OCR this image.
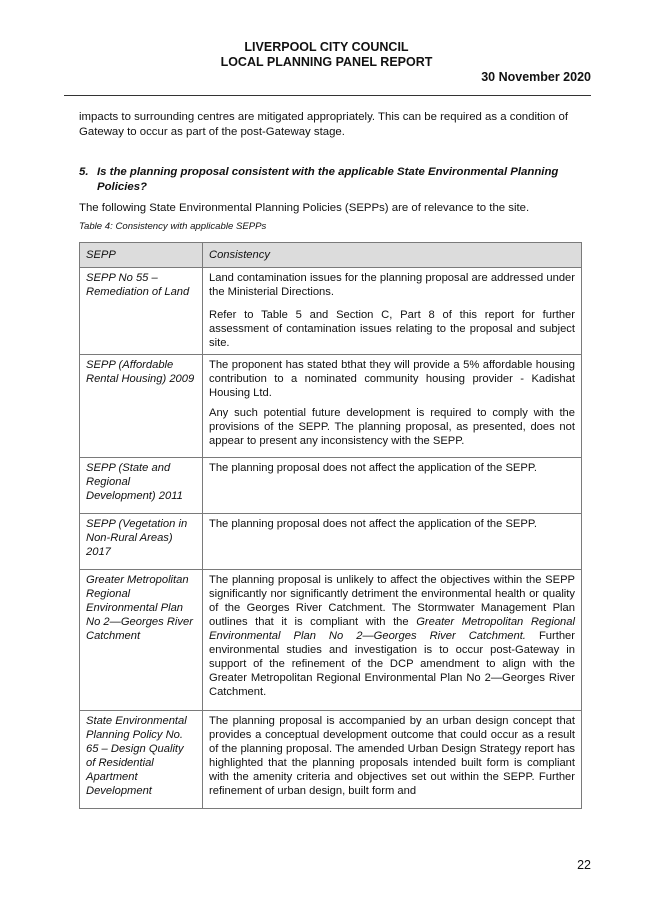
LIVERPOOL CITY COUNCIL
LOCAL PLANNING PANEL REPORT
30 November 2020

impacts to surrounding centres are mitigated appropriately. This can be required as a condition of Gateway to occur as part of the post-Gateway stage.

5. Is the planning proposal consistent with the applicable State Environmental Planning Policies?

The following State Environmental Planning Policies (SEPPs) are of relevance to the site.

Table 4: Consistency with applicable SEPPs

SEPP	Consistency
SEPP No 55 – Remediation of Land	Land contamination issues for the planning proposal are addressed under the Ministerial Directions.

Refer to Table 5 and Section C, Part 8 of this report for further assessment of contamination issues relating to the proposal and subject site.

SEPP (Affordable Rental Housing) 2009	The proponent has stated bthat they will provide a 5% affordable housing contribution to a nominated community housing provider - Kadishat Housing Ltd.

Any such potential future development is required to comply with the provisions of the SEPP. The planning proposal, as presented, does not appear to present any inconsistency with the SEPP.

SEPP (State and Regional Development) 2011	The planning proposal does not affect the application of the SEPP.

SEPP (Vegetation in Non-Rural Areas) 2017	The planning proposal does not affect the application of the SEPP.

Greater Metropolitan Regional Environmental Plan No 2—Georges River Catchment	The planning proposal is unlikely to affect the objectives within the SEPP significantly nor significantly detriment the environmental health or quality of the Georges River Catchment. The Stormwater Management Plan outlines that it is compliant with the Greater Metropolitan Regional Environmental Plan No 2—Georges River Catchment. Further environmental studies and investigation is to occur post-Gateway in support of the refinement of the DCP amendment to align with the Greater Metropolitan Regional Environmental Plan No 2—Georges River Catchment.

State Environmental Planning Policy No. 65 – Design Quality of Residential Apartment Development	The planning proposal is accompanied by an urban design concept that provides a conceptual development outcome that could occur as a result of the planning proposal. The amended Urban Design Strategy report has highlighted that the planning proposals intended built form is compliant with the amenity criteria and objectives set out within the SEPP. Further refinement of urban design, built form and

22
